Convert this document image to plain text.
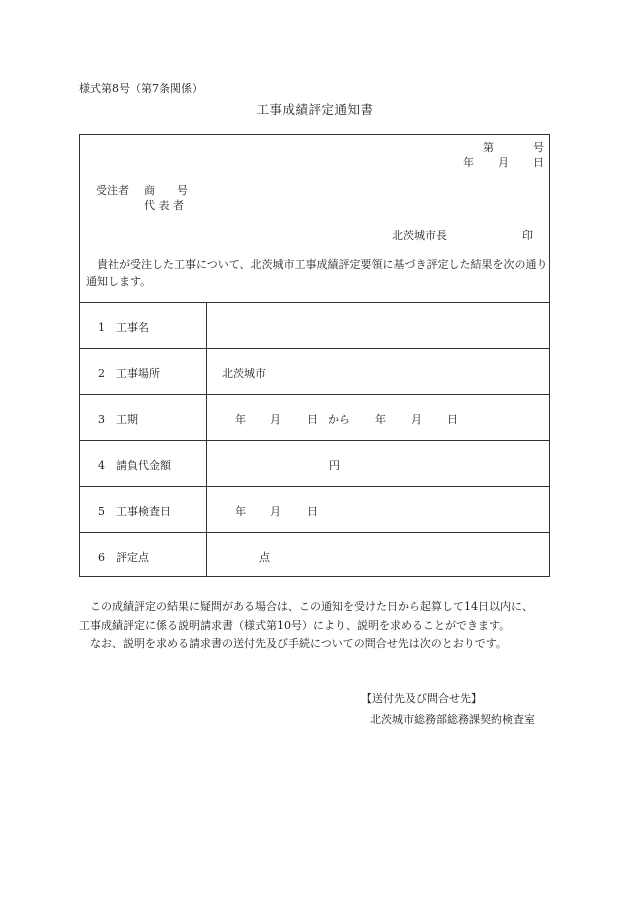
様式第8号（第7条関係）
工事成績評定通知書
第	号
年 月 日
受注者 商　　号
代 表 者
北茨城市長	印
貴社が受注した工事について、北茨城市工事成績評定要領に基づき評定した結果を次の通り通知します。
1　工事名
2　工事場所
3　工期
4　請負代金額
5　工事検査日
6　評定点
北茨城市
年 月 日 から 年 月 日
円
年 月 日
点

この成績評定の結果に疑問がある場合は、この通知を受けた日から起算して14日以内に、

工事成績評定に係る説明請求書（様式第10号）により、説明を求めることができます。

なお、説明を求める請求書の送付先及び手続についての問合せ先は次のとおりです。

【送付先及び問合せ先】
北茨城市総務部総務課契約検査室
